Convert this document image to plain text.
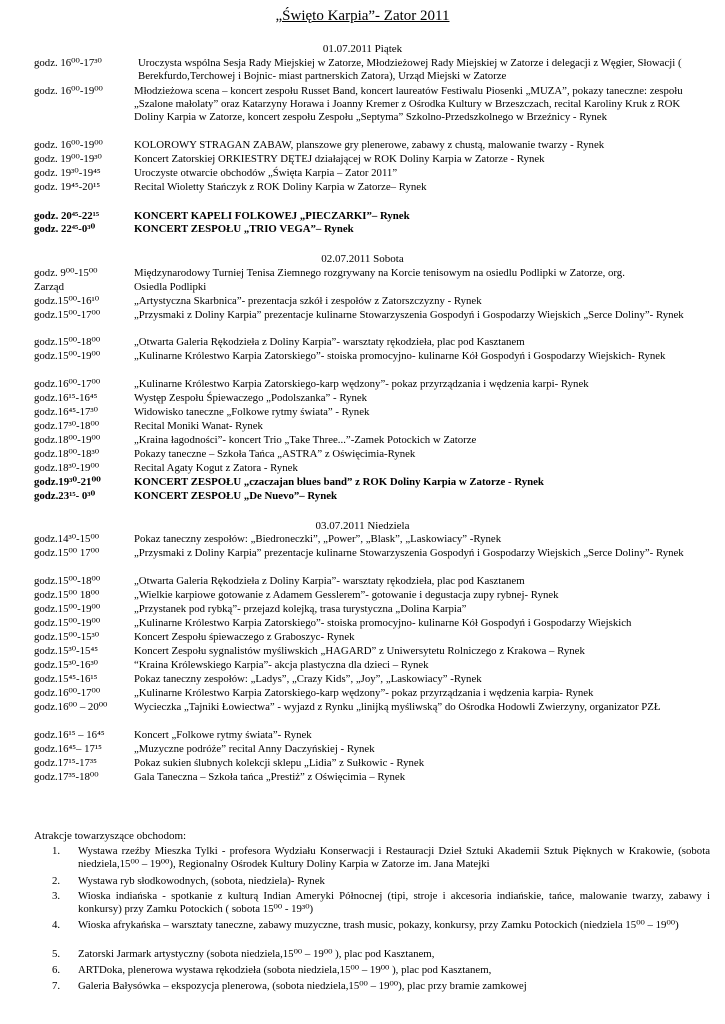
„Święto Karpia”- Zator 2011
01.07.2011 Piątek
godz. 16⁰⁰-17³⁰	Uroczysta wspólna Sesja Rady Miejskiej w Zatorze, Młodzieżowej Rady Miejskiej w Zatorze i delegacji z Węgier, Słowacji ( Berekfurdo,Terchowej i Bojnic- miast partnerskich Zatora), Urząd Miejski w Zatorze
godz. 16⁰⁰-19⁰⁰	Młodzieżowa scena – koncert zespołu Russet Band, koncert laureatów Festiwalu Piosenki „MUZA”, pokazy taneczne: zespołu „Szalone małolaty” oraz Katarzyny Horawa i Joanny Kremer z Ośrodka Kultury w Brzeszczach, recital Karoliny Kruk z ROK Doliny Karpia w Zatorze, koncert zespołu Zespołu „Septyma” Szkolno-Przedszkolnego w Brzeźnicy - Rynek
godz. 16⁰⁰-19⁰⁰	KOLOROWY STRAGAN ZABAW, planszowe gry plenerowe, zabawy z chustą, malowanie twarzy - Rynek
godz. 19⁰⁰-19³⁰	Koncert Zatorskiej ORKIESTRY DĘTEJ działającej w ROK Doliny Karpia w Zatorze - Rynek
godz. 19³⁰-19⁴⁵	Uroczyste otwarcie obchodów „Święta Karpia – Zator 2011”
godz. 19⁴⁵-20¹⁵	Recital Wioletty Stańczyk z ROK Doliny Karpia w Zatorze– Rynek
godz. 20⁴⁵-22¹⁵	KONCERT KAPELI FOLKOWEJ „PIECZARKI”– Rynek
godz. 22⁴⁵-0³⁰	KONCERT ZESPOŁU „TRIO VEGA”– Rynek
02.07.2011 Sobota
godz. 9⁰⁰-15⁰⁰	Międzynarodowy Turniej Tenisa Ziemnego rozgrywany na Korcie tenisowym na osiedlu Podlipki w Zatorze, org.
Zarząd	Osiedla Podlipki
godz.15⁰⁰-16¹⁰	„Artystyczna Skarbnica”- prezentacja szkół i zespołów z Zatorszczyzny - Rynek
godz.15⁰⁰-17⁰⁰	„Przysmaki z Doliny Karpia” prezentacje kulinarne Stowarzyszenia Gospodyń i Gospodarzy Wiejskich „Serce Doliny”- Rynek
godz.15⁰⁰-18⁰⁰	„Otwarta Galeria Rękodzieła z Doliny Karpia”- warsztaty rękodzieła, plac pod Kasztanem
godz.15⁰⁰-19⁰⁰	„Kulinarne Królestwo Karpia Zatorskiego”- stoiska promocyjno- kulinarne Kół Gospodyń i Gospodarzy Wiejskich- Rynek
godz.16⁰⁰-17⁰⁰	„Kulinarne Królestwo Karpia Zatorskiego-karp wędzony”- pokaz przyrządzania i wędzenia karpi- Rynek
godz.16¹⁵-16⁴⁵	Występ Zespołu Śpiewaczego „Podolszanka” - Rynek
godz.16⁴⁵-17³⁰	Widowisko taneczne „Folkowe rytmy świata” - Rynek
godz.17³⁰-18⁰⁰	Recital Moniki Wanat- Rynek
godz.18⁰⁰-19⁰⁰	„Kraina łagodności”- koncert Trio „Take Three...”-Zamek Potockich w Zatorze
godz.18⁰⁰-18³⁰	Pokazy taneczne – Szkoła Tańca „ASTRA” z Oświęcimia-Rynek
godz.18³⁰-19⁰⁰	Recital Agaty Kogut z Zatora - Rynek
godz.19³⁰-21⁰⁰	KONCERT ZESPOŁU „czaczajan blues band” z ROK Doliny Karpia w Zatorze - Rynek
godz.23¹⁵- 0³⁰	KONCERT ZESPOŁU „De Nuevo”– Rynek
03.07.2011 Niedziela
godz.14³⁰-15⁰⁰	Pokaz taneczny zespołów: „Biedroneczki”, „Power”, „Blask”, „Laskowiacy” -Rynek
godz.15⁰⁰ 17⁰⁰	„Przysmaki z Doliny Karpia” prezentacje kulinarne Stowarzyszenia Gospodyń i Gospodarzy Wiejskich „Serce Doliny”- Rynek
godz.15⁰⁰-18⁰⁰	„Otwarta Galeria Rękodzieła z Doliny Karpia”- warsztaty rękodzieła, plac pod Kasztanem
godz.15⁰⁰ 18⁰⁰	„Wielkie karpiowe gotowanie z Adamem Gesslerem”- gotowanie i degustacja zupy rybnej- Rynek
godz.15⁰⁰-19⁰⁰	„Przystanek pod rybką”- przejazd kolejką, trasa turystyczna „Dolina Karpia”
godz.15⁰⁰-19⁰⁰	„Kulinarne Królestwo Karpia Zatorskiego”- stoiska promocyjno- kulinarne Kół Gospodyń i Gospodarzy Wiejskich
godz.15⁰⁰-15³⁰	Koncert Zespołu śpiewaczego z Graboszyc- Rynek
godz.15³⁰-15⁴⁵	Koncert Zespołu sygnalistów myśliwskich „HAGARD” z Uniwersytetu Rolniczego z Krakowa – Rynek
godz.15³⁰-16³⁰	“Kraina Królewskiego Karpia”- akcja plastyczna dla dzieci – Rynek
godz.15⁴⁵-16¹⁵	Pokaz taneczny zespołów: „Ladys”, „Crazy Kids”, „Joy”, „Laskowiacy” -Rynek
godz.16⁰⁰-17⁰⁰	„Kulinarne Królestwo Karpia Zatorskiego-karp wędzony”- pokaz przyrządzania i wędzenia karpia- Rynek
godz.16⁰⁰ – 20⁰⁰	Wycieczka „Tajniki Łowiectwa” - wyjazd z Rynku „linijką myśliwską” do Ośrodka Hodowli Zwierzyny, organizator PZŁ
godz.16¹⁵ – 16⁴⁵	Koncert „Folkowe rytmy świata”- Rynek
godz.16⁴⁵– 17¹⁵	„Muzyczne podróże” recital Anny Daczyńskiej - Rynek
godz.17¹⁵-17³⁵	Pokaz sukien ślubnych kolekcji sklepu „Lidia” z Sułkowic - Rynek
godz.17³⁵-18⁰⁰	Gala Taneczna – Szkoła tańca „Prestiż” z Oświęcimia – Rynek
Atrakcje towarzyszące obchodom:
1. Wystawa rzeźby Mieszka Tylki - profesora Wydziału Konserwacji i Restauracji Dzieł Sztuki Akademii Sztuk Pięknych w Krakowie, (sobota niedziela,15⁰⁰ – 19⁰⁰), Regionalny Ośrodek Kultury Doliny Karpia w Zatorze im. Jana Matejki
2. Wystawa ryb słodkowodnych, (sobota, niedziela)- Rynek
3. Wioska indiańska - spotkanie z kulturą Indian Ameryki Północnej (tipi, stroje i akcesoria indiańskie, tańce, malowanie twarzy, zabawy i konkursy) przy Zamku Potockich ( sobota 15⁰⁰ - 19³⁰)
4. Wioska afrykańska – warsztaty taneczne, zabawy muzyczne, trash music, pokazy, konkursy, przy Zamku Potockich (niedziela 15⁰⁰ – 19⁰⁰)
5. Zatorski Jarmark artystyczny (sobota niedziela,15⁰⁰ – 19⁰⁰ ), plac pod Kasztanem,
6. ARTDoka, plenerowa wystawa rękodzieła (sobota niedziela,15⁰⁰ – 19⁰⁰ ), plac pod Kasztanem,
7. Galeria Bałysówka – ekspozycja plenerowa, (sobota niedziela,15⁰⁰ – 19⁰⁰), plac przy bramie zamkowej
